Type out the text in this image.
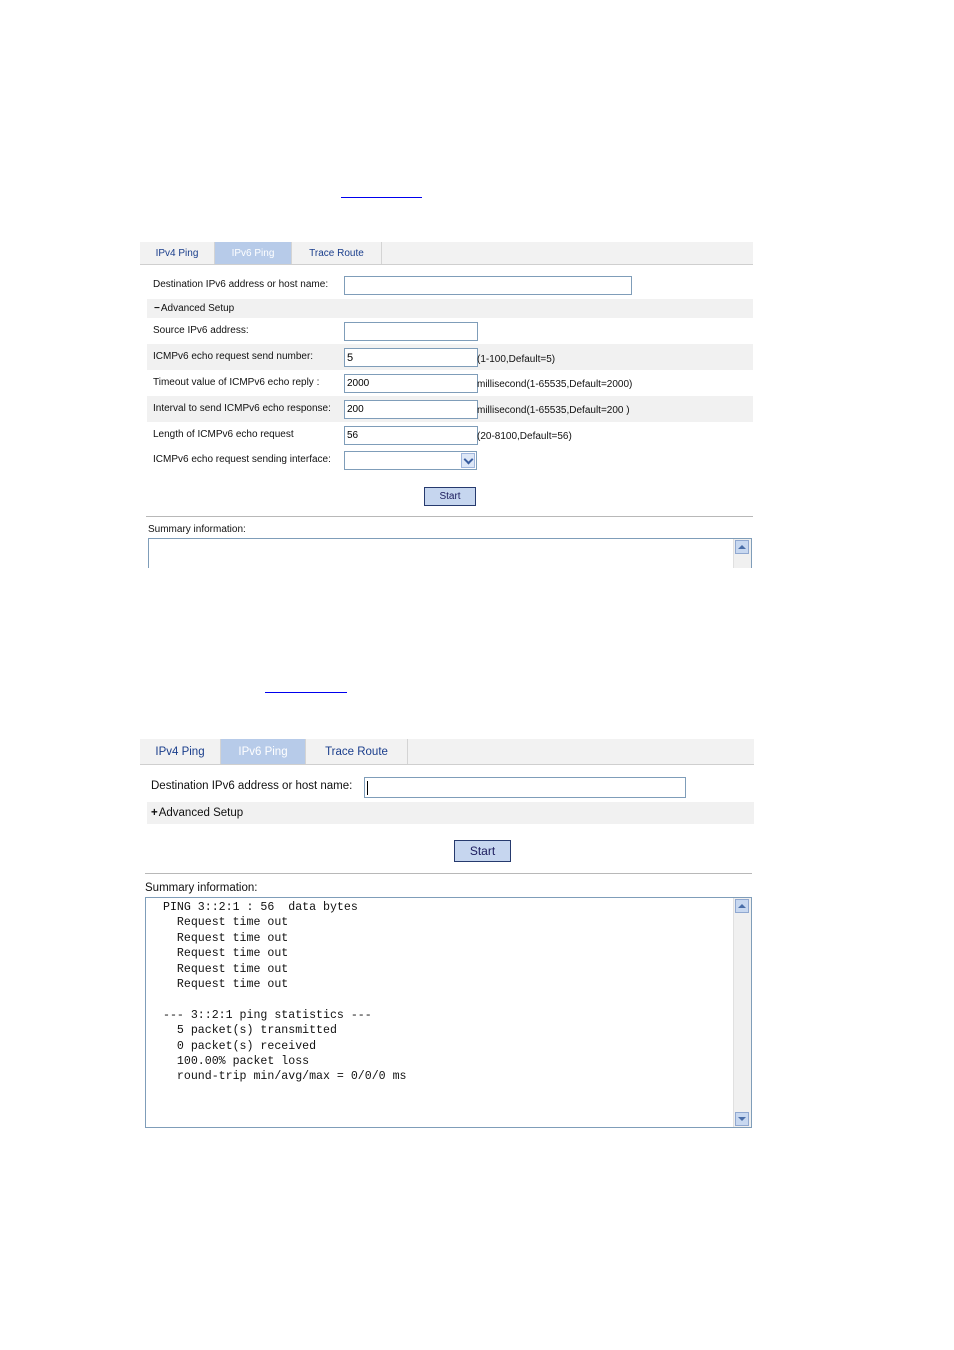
IPv4 Ping	IPv6 Ping	Trace Route
Destination IPv6 address or host name:
− Advanced Setup
Source IPv6 address:
ICMPv6 echo request send number:	5	(1-100,Default=5)
Timeout value of ICMPv6 echo reply :	2000	millisecond(1-65535,Default=2000)
Interval to send ICMPv6 echo response:	200	millisecond(1-65535,Default=200 )
Length of ICMPv6 echo request	56	(20-8100,Default=56)
ICMPv6 echo request sending interface:
Start
Summary information:
IPv4 Ping	IPv6 Ping	Trace Route
Destination IPv6 address or host name:
+ Advanced Setup
Start
Summary information:
PING 3::2:1 : 56  data bytes
Request time out
Request time out
Request time out
Request time out
Request time out

--- 3::2:1 ping statistics ---
5 packet(s) transmitted
0 packet(s) received
100.00% packet loss
round-trip min/avg/max = 0/0/0 ms
